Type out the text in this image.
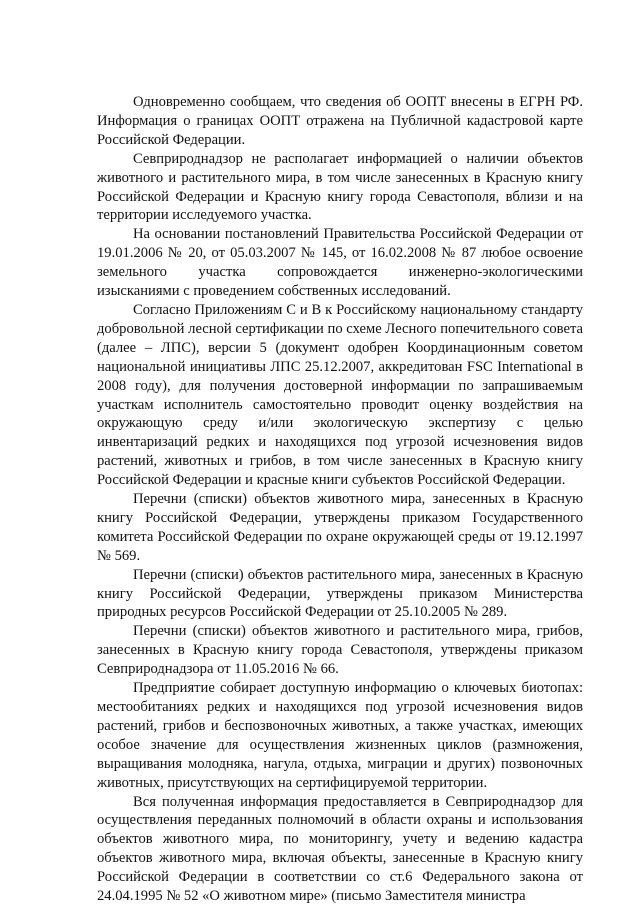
Одновременно сообщаем, что сведения об ООПТ внесены в ЕГРН РФ. Информация о границах ООПТ отражена на Публичной кадастровой карте Российской Федерации.

Севприроднадзор не располагает информацией о наличии объектов животного и растительного мира, в том числе занесенных в Красную книгу Российской Федерации и Красную книгу города Севастополя, вблизи и на территории исследуемого участка.

На основании постановлений Правительства Российской Федерации от 19.01.2006 № 20, от 05.03.2007 № 145, от 16.02.2008 № 87 любое освоение земельного участка сопровождается инженерно-экологическими изысканиями с проведением собственных исследований.

Согласно Приложениям С и В к Российскому национальному стандарту добровольной лесной сертификации по схеме Лесного попечительного совета (далее – ЛПС), версии 5 (документ одобрен Координационным советом национальной инициативы ЛПС 25.12.2007, аккредитован FSC International в 2008 году), для получения достоверной информации по запрашиваемым участкам исполнитель самостоятельно проводит оценку воздействия на окружающую среду и/или экологическую экспертизу с целью инвентаризаций редких и находящихся под угрозой исчезновения видов растений, животных и грибов, в том числе занесенных в Красную книгу Российской Федерации и красные книги субъектов Российской Федерации.

Перечни (списки) объектов животного мира, занесенных в Красную книгу Российской Федерации, утверждены приказом Государственного комитета Российской Федерации по охране окружающей среды от 19.12.1997 № 569.

Перечни (списки) объектов растительного мира, занесенных в Красную книгу Российской Федерации, утверждены приказом Министерства природных ресурсов Российской Федерации от 25.10.2005 № 289.

Перечни (списки) объектов животного и растительного мира, грибов, занесенных в Красную книгу города Севастополя, утверждены приказом Севприроднадзора от 11.05.2016 № 66.

Предприятие собирает доступную информацию о ключевых биотопах: местообитаниях редких и находящихся под угрозой исчезновения видов растений, грибов и беспозвоночных животных, а также участках, имеющих особое значение для осуществления жизненных циклов (размножения, выращивания молодняка, нагула, отдыха, миграции и других) позвоночных животных, присутствующих на сертифицируемой территории.

Вся полученная информация предоставляется в Севприроднадзор для осуществления переданных полномочий в области охраны и использования объектов животного мира, по мониторингу, учету и ведению кадастра объектов животного мира, включая объекты, занесенные в Красную книгу Российской Федерации в соответствии со ст.6 Федерального закона от 24.04.1995 № 52 «О животном мире» (письмо Заместителя министра
